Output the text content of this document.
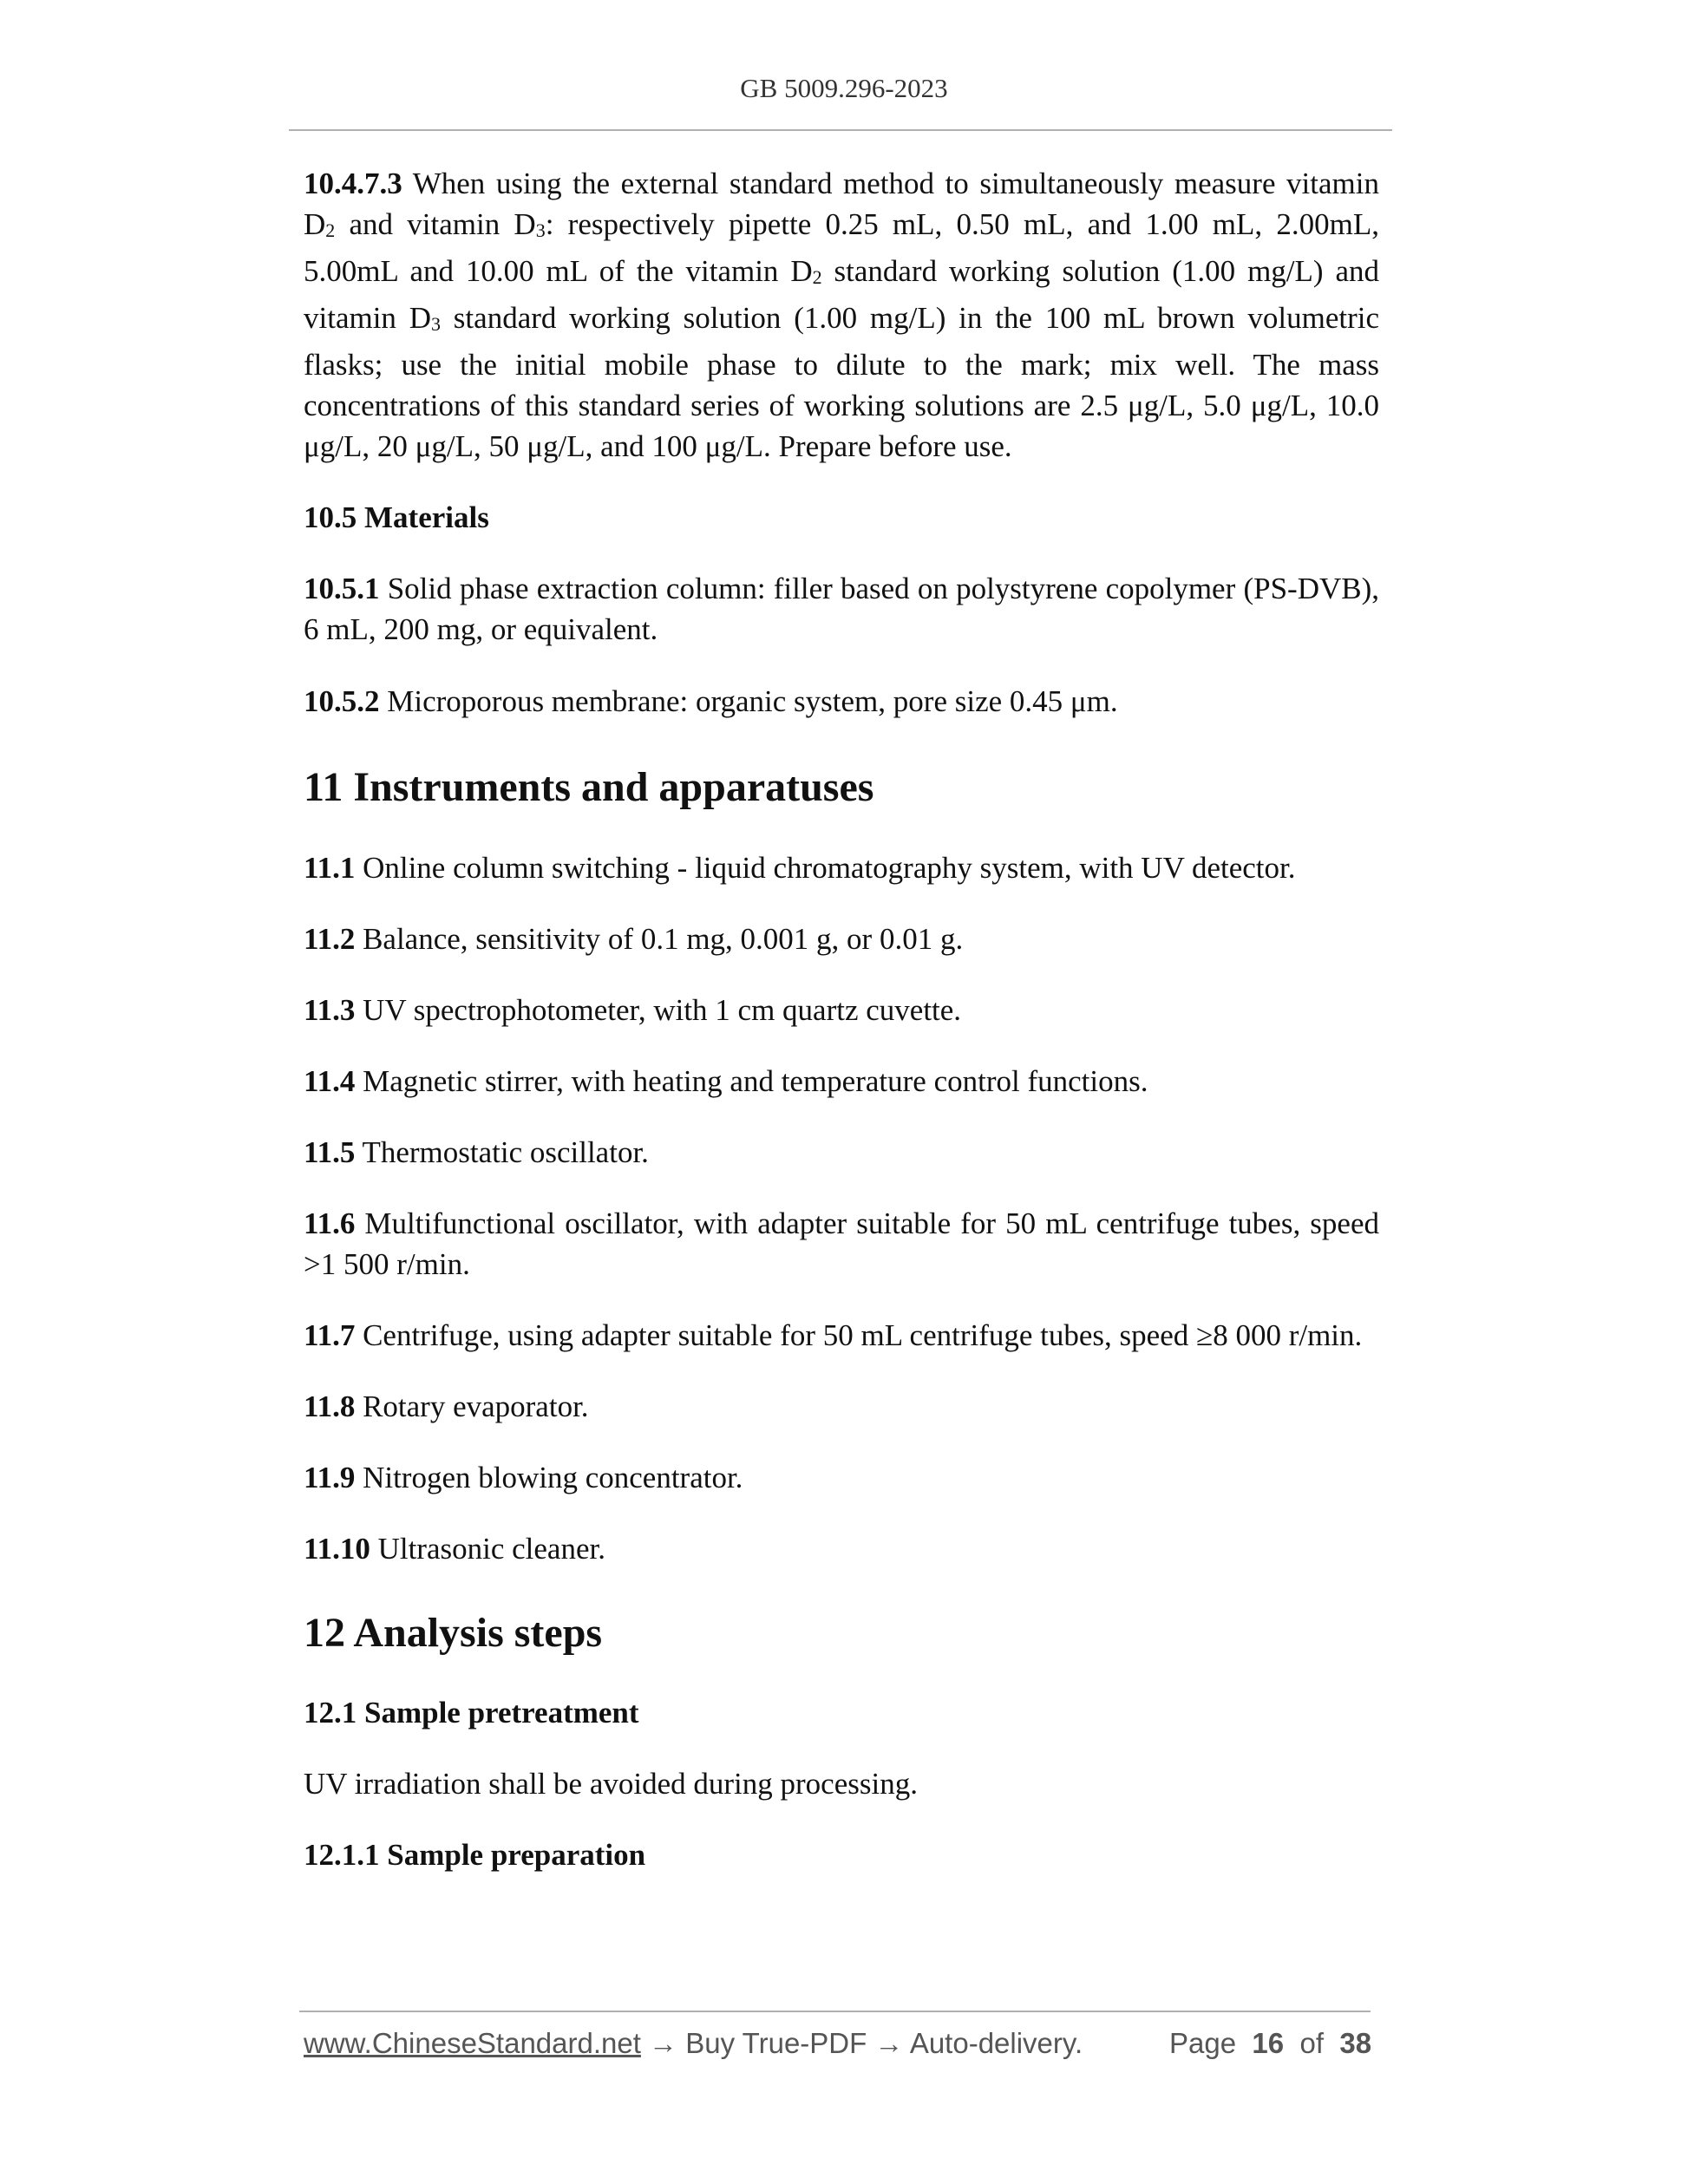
GB 5009.296-2023

10.4.7.3 When using the external standard method to simultaneously measure vitamin D2 and vitamin D3: respectively pipette 0.25 mL, 0.50 mL, and 1.00 mL, 2.00mL, 5.00mL and 10.00 mL of the vitamin D2 standard working solution (1.00 mg/L) and vitamin D3 standard working solution (1.00 mg/L) in the 100 mL brown volumetric flasks; use the initial mobile phase to dilute to the mark; mix well. The mass concentrations of this standard series of working solutions are 2.5 μg/L, 5.0 μg/L, 10.0 μg/L, 20 μg/L, 50 μg/L, and 100 μg/L. Prepare before use.

10.5 Materials

10.5.1 Solid phase extraction column: filler based on polystyrene copolymer (PS-DVB), 6 mL, 200 mg, or equivalent.

10.5.2 Microporous membrane: organic system, pore size 0.45 μm.

11 Instruments and apparatuses

11.1 Online column switching - liquid chromatography system, with UV detector.

11.2 Balance, sensitivity of 0.1 mg, 0.001 g, or 0.01 g.

11.3 UV spectrophotometer, with 1 cm quartz cuvette.

11.4 Magnetic stirrer, with heating and temperature control functions.

11.5 Thermostatic oscillator.

11.6 Multifunctional oscillator, with adapter suitable for 50 mL centrifuge tubes, speed >1 500 r/min.

11.7 Centrifuge, using adapter suitable for 50 mL centrifuge tubes, speed ≥8 000 r/min.

11.8 Rotary evaporator.

11.9 Nitrogen blowing concentrator.

11.10 Ultrasonic cleaner.

12 Analysis steps

12.1 Sample pretreatment

UV irradiation shall be avoided during processing.

12.1.1 Sample preparation

www.ChineseStandard.net → Buy True-PDF → Auto-delivery.	Page 16 of 38
